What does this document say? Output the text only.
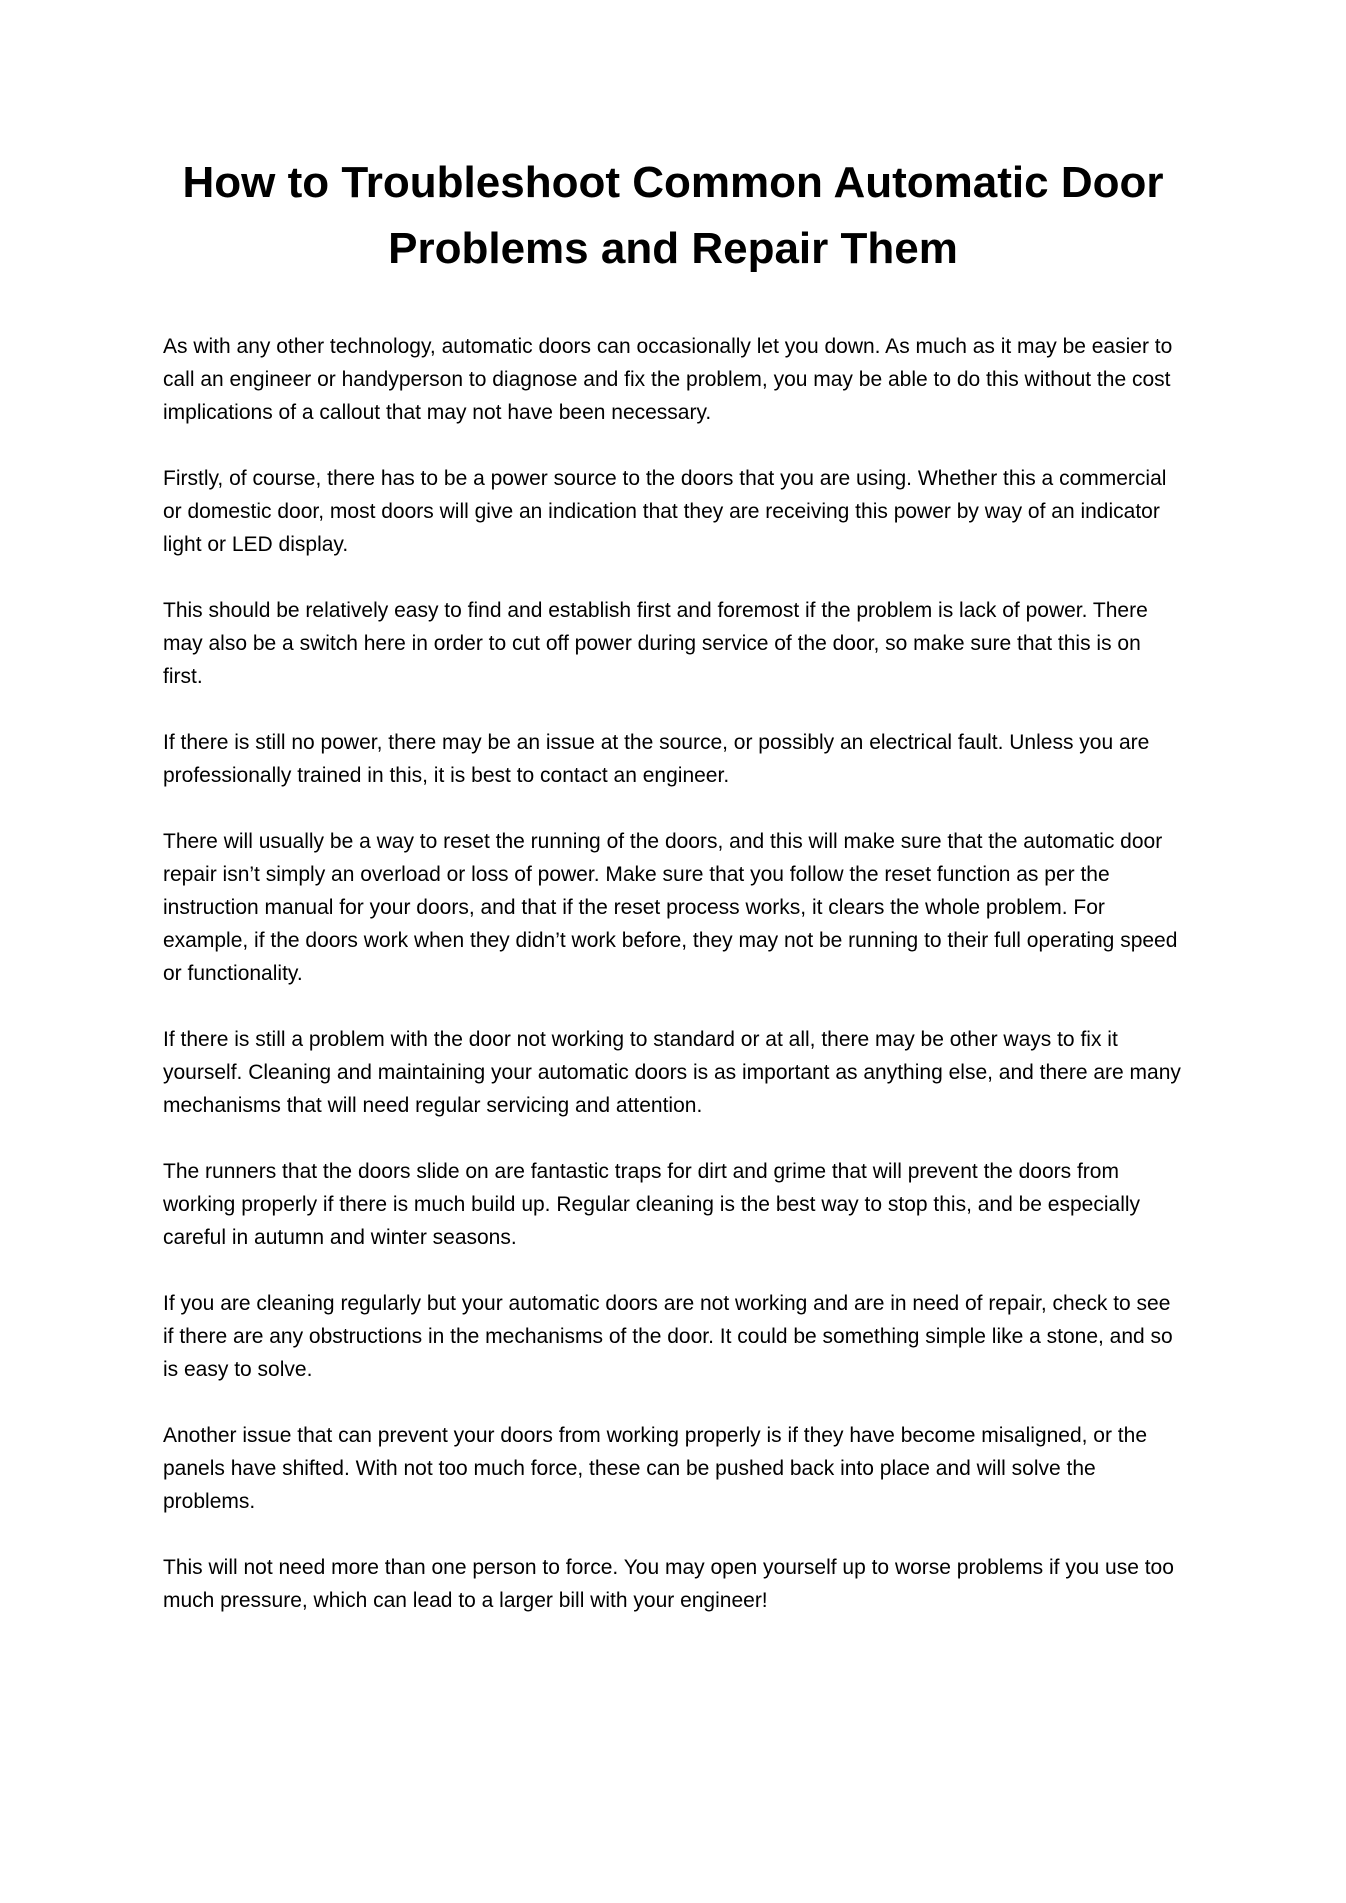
How to Troubleshoot Common Automatic Door Problems and Repair Them

As with any other technology, automatic doors can occasionally let you down. As much as it may be easier to call an engineer or handyperson to diagnose and fix the problem, you may be able to do this without the cost implications of a callout that may not have been necessary.

Firstly, of course, there has to be a power source to the doors that you are using. Whether this a commercial or domestic door, most doors will give an indication that they are receiving this power by way of an indicator light or LED display.

This should be relatively easy to find and establish first and foremost if the problem is lack of power. There may also be a switch here in order to cut off power during service of the door, so make sure that this is on first.

If there is still no power, there may be an issue at the source, or possibly an electrical fault. Unless you are professionally trained in this, it is best to contact an engineer.

There will usually be a way to reset the running of the doors, and this will make sure that the automatic door repair isn’t simply an overload or loss of power. Make sure that you follow the reset function as per the instruction manual for your doors, and that if the reset process works, it clears the whole problem. For example, if the doors work when they didn’t work before, they may not be running to their full operating speed or functionality.

If there is still a problem with the door not working to standard or at all, there may be other ways to fix it yourself. Cleaning and maintaining your automatic doors is as important as anything else, and there are many mechanisms that will need regular servicing and attention.

The runners that the doors slide on are fantastic traps for dirt and grime that will prevent the doors from working properly if there is much build up. Regular cleaning is the best way to stop this, and be especially careful in autumn and winter seasons.

If you are cleaning regularly but your automatic doors are not working and are in need of repair, check to see if there are any obstructions in the mechanisms of the door. It could be something simple like a stone, and so is easy to solve.

Another issue that can prevent your doors from working properly is if they have become misaligned, or the panels have shifted. With not too much force, these can be pushed back into place and will solve the problems.

This will not need more than one person to force. You may open yourself up to worse problems if you use too much pressure, which can lead to a larger bill with your engineer!
